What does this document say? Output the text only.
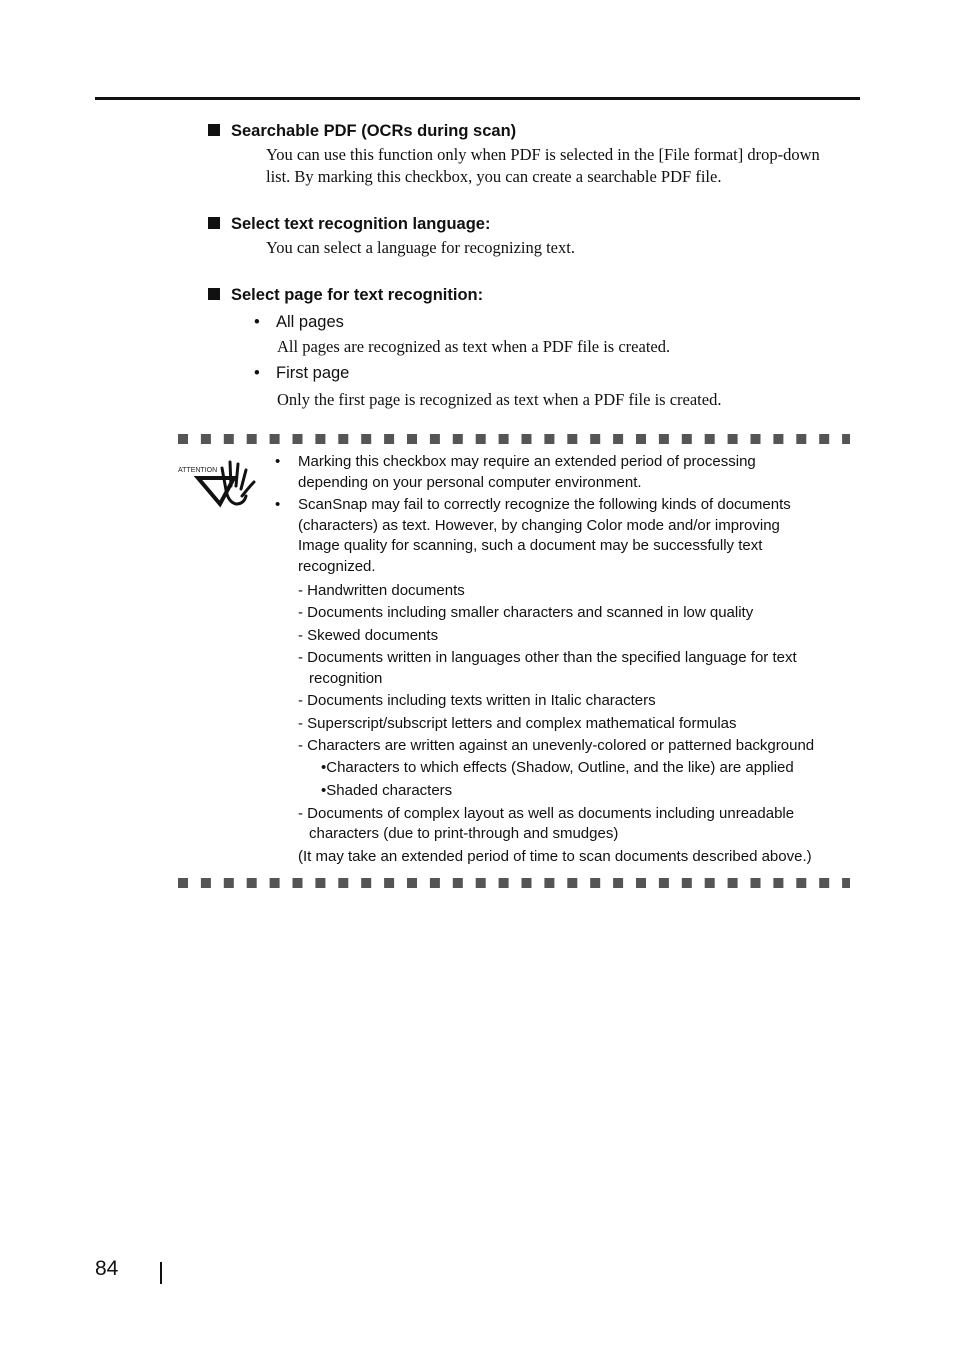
Searchable PDF (OCRs during scan)
You can use this function only when PDF is selected in the [File format] drop-down
list. By marking this checkbox, you can create a searchable PDF file.
Select text recognition language:
You can select a language for recognizing text.
Select page for text recognition:
• All pages
All pages are recognized as text when a PDF file is created.
• First page
Only the first page is recognized as text when a PDF file is created.
ATTENTION
• Marking this checkbox may require an extended period of processing
depending on your personal computer environment.
• ScanSnap may fail to correctly recognize the following kinds of documents
(characters) as text. However, by changing Color mode and/or improving
Image quality for scanning, such a document may be successfully text
recognized.
- Handwritten documents
- Documents including smaller characters and scanned in low quality
- Skewed documents
- Documents written in languages other than the specified language for text
recognition
- Documents including texts written in Italic characters
- Superscript/subscript letters and complex mathematical formulas
- Characters are written against an unevenly-colored or patterned background
•Characters to which effects (Shadow, Outline, and the like) are applied
•Shaded characters
- Documents of complex layout as well as documents including unreadable
characters (due to print-through and smudges)
(It may take an extended period of time to scan documents described above.)
84
